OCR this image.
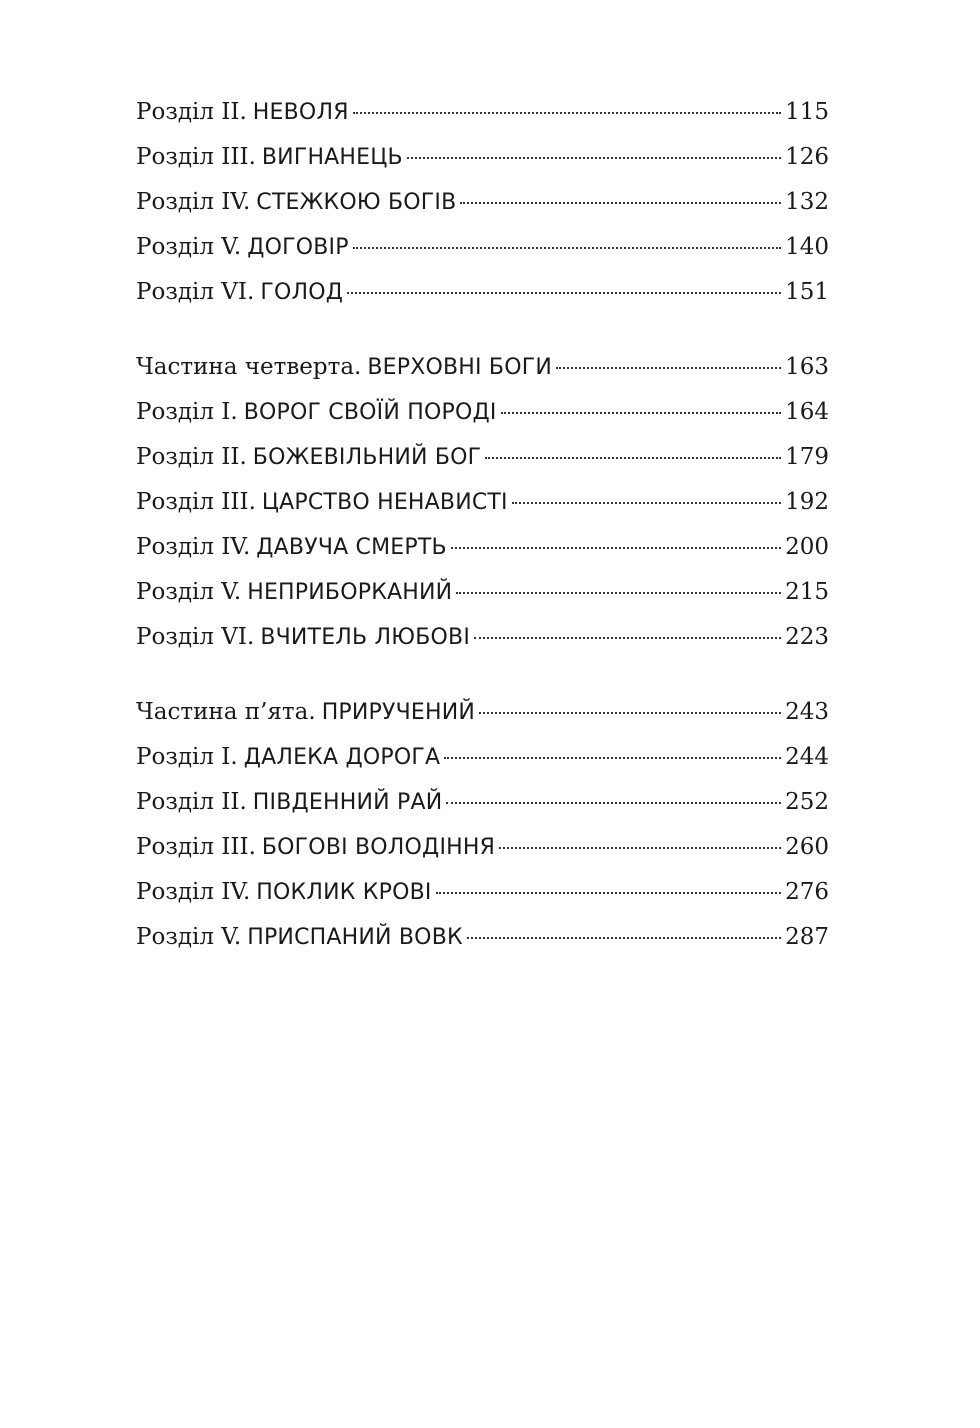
Розділ II. НЕВОЛЯ	115
Розділ III. ВИГНАНЕЦЬ	126
Розділ IV. СТЕЖКОЮ БОГІВ	132
Розділ V. ДОГОВІР	140
Розділ VI. ГОЛОД	151
Частина четверта. ВЕРХОВНІ БОГИ	163
Розділ I. ВОРОГ СВОЇЙ ПОРОДІ	164
Розділ II. БОЖЕВІЛЬНИЙ БОГ	179
Розділ III. ЦАРСТВО НЕНАВИСТІ	192
Розділ IV. ДАВУЧА СМЕРТЬ	200
Розділ V. НЕПРИБОРКАНИЙ	215
Розділ VI. ВЧИТЕЛЬ ЛЮБОВІ	223
Частина п’ята. ПРИРУЧЕНИЙ	243
Розділ I. ДАЛЕКА ДОРОГА	244
Розділ II. ПІВДЕННИЙ РАЙ	252
Розділ III. БОГОВІ ВОЛОДІННЯ	260
Розділ IV. ПОКЛИК КРОВІ	276
Розділ V. ПРИСПАНИЙ ВОВК	287
